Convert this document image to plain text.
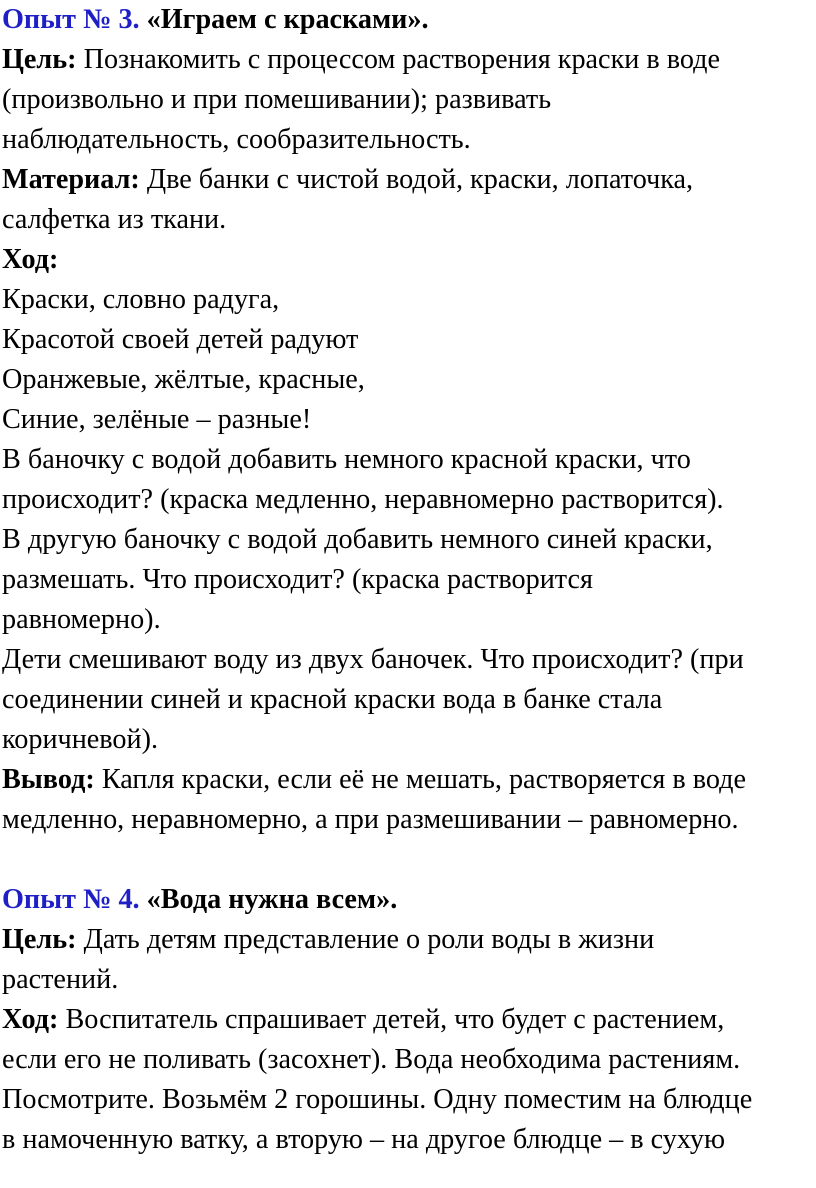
Опыт № 3. «Играем с красками».
Цель: Познакомить с процессом растворения краски в воде
(произвольно и при помешивании); развивать
наблюдательность, сообразительность.
Материал: Две банки с чистой водой, краски, лопаточка,
салфетка из ткани.
Ход:
Краски, словно радуга,
Красотой своей детей радуют
Оранжевые, жёлтые, красные,
Синие, зелёные – разные!
В баночку с водой добавить немного красной краски, что
происходит? (краска медленно, неравномерно растворится).
В другую баночку с водой добавить немного синей краски,
размешать. Что происходит? (краска растворится
равномерно).
Дети смешивают воду из двух баночек. Что происходит? (при
соединении синей и красной краски вода в банке стала
коричневой).
Вывод: Капля краски, если её не мешать, растворяется в воде
медленно, неравномерно, а при размешивании – равномерно.
Опыт № 4. «Вода нужна всем».
Цель: Дать детям представление о роли воды в жизни
растений.
Ход: Воспитатель спрашивает детей, что будет с растением,
если его не поливать (засохнет). Вода необходима растениям.
Посмотрите. Возьмём 2 горошины. Одну поместим на блюдце
в намоченную ватку, а вторую – на другое блюдце – в сухую
